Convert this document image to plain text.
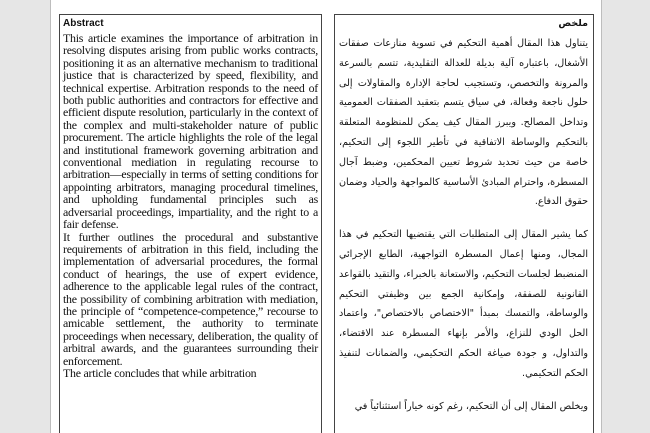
Abstract

This article examines the importance of arbitration in resolving disputes arising from public works contracts, positioning it as an alternative mechanism to traditional justice that is characterized by speed, flexibility, and technical expertise. Arbitration responds to the need of both public authorities and contractors for effective and efficient dispute resolution, particularly in the context of the complex and multi-stakeholder nature of public procurement. The article highlights the role of the legal and institutional framework governing arbitration and conventional mediation in regulating recourse to arbitration—especially in terms of setting conditions for appointing arbitrators, managing procedural timelines, and upholding fundamental principles such as adversarial proceedings, impartiality, and the right to a fair defense.

It further outlines the procedural and substantive requirements of arbitration in this field, including the implementation of adversarial procedures, the formal conduct of hearings, the use of expert evidence, adherence to the applicable legal rules of the contract, the possibility of combining arbitration with mediation, the principle of “competence-competence,” recourse to amicable settlement, the authority to terminate proceedings when necessary, deliberation, the quality of arbitral awards, and the guarantees surrounding their enforcement.

The article concludes that while arbitration

ملخص

يتناول هذا المقال أهمية التحكيم في تسوية منازعات صفقات الأشغال، باعتباره آلية بديلة للعدالة التقليدية، تتسم بالسرعة والمرونة والتخصص، وتستجيب لحاجة الإدارة والمقاولات إلى حلول ناجعة وفعالة، في سياق يتسم بتعقيد الصفقات العمومية وتداخل المصالح. ويبرز المقال كيف يمكن للمنظومة المتعلقة بالتحكيم والوساطة الاتفاقية في تأطير اللجوء إلى التحكيم، خاصة من حيث تحديد شروط تعيين المحكمين، وضبط آجال المسطرة، واحترام المبادئ الأساسية كالمواجهة والحياد وضمان حقوق الدفاع.

كما يشير المقال إلى المتطلبات التي يقتضيها التحكيم في هذا المجال، ومنها إعمال المسطرة التواجهية، الطابع الإجرائي المنضبط لجلسات التحكيم، والاستعانة بالخبراء، والتقيد بالقواعد القانونية للصفقة، وإمكانية الجمع بين وظيفتي التحكيم والوساطة، والتمسك بمبدأ "الاختصاص بالاختصاص"، واعتماد الحل الودي للنزاع، والأمر بإنهاء المسطرة عند الاقتضاء، والتداول، و جودة صياغة الحكم التحكيمي، والضمانات لتنفيذ الحكم التحكيمي.

ويخلص المقال إلى أن التحكيم، رغم كونه خياراً استثنائياً في
